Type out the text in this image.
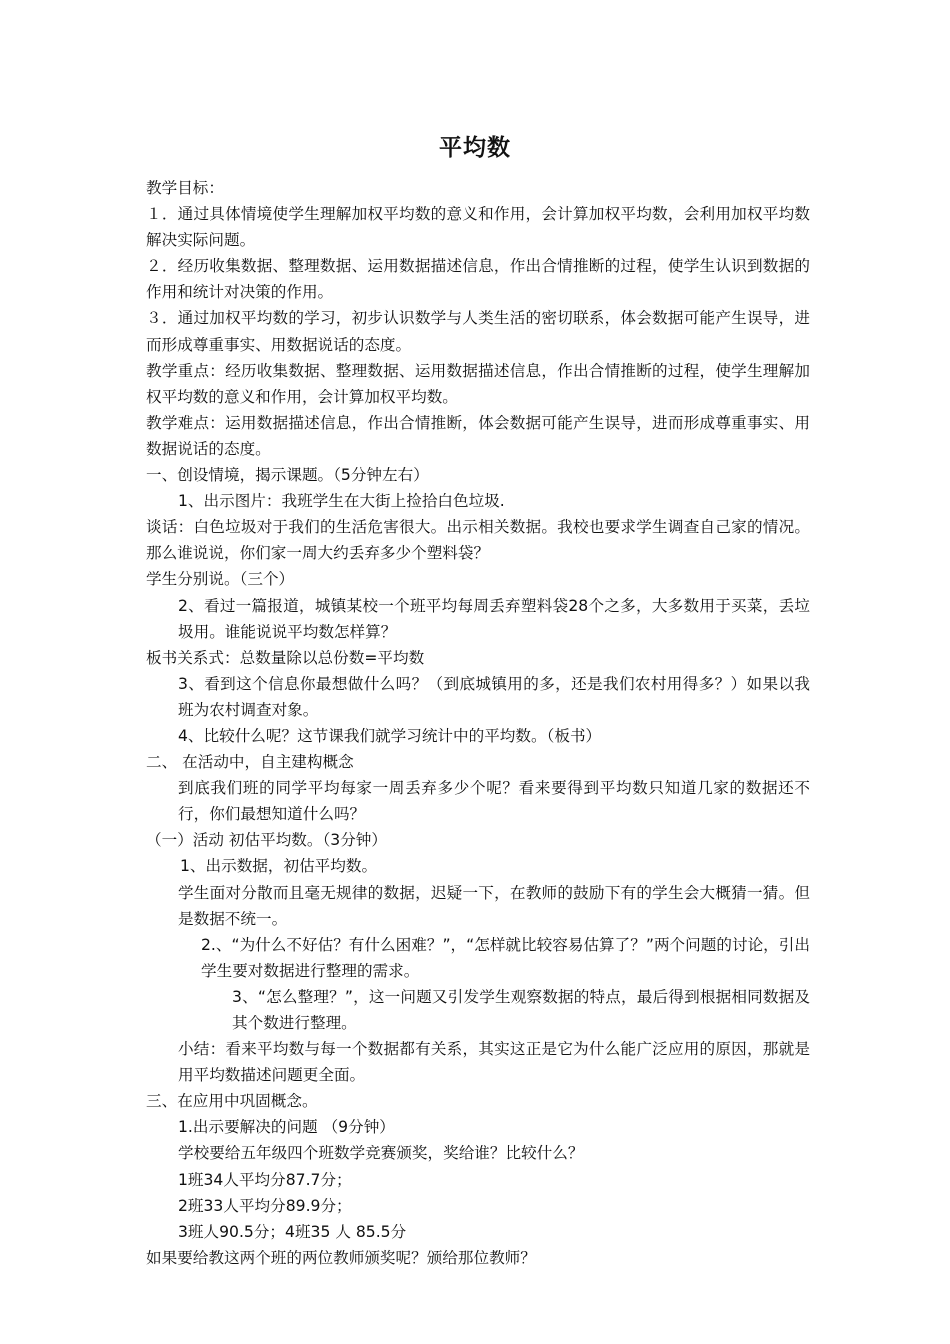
平均数

教学目标：

１．通过具体情境使学生理解加权平均数的意义和作用，会计算加权平均数，会利用加权平均数解决实际问题。

２．经历收集数据、整理数据、运用数据描述信息，作出合情推断的过程，使学生认识到数据的作用和统计对决策的作用。

３．通过加权平均数的学习，初步认识数学与人类生活的密切联系，体会数据可能产生误导，进而形成尊重事实、用数据说话的态度。

教学重点：经历收集数据、整理数据、运用数据描述信息，作出合情推断的过程，使学生理解加权平均数的意义和作用，会计算加权平均数。

教学难点：运用数据描述信息，作出合情推断，体会数据可能产生误导，进而形成尊重事实、用数据说话的态度。

一、创设情境，揭示课题。（5分钟左右）

1、出示图片：我班学生在大街上捡拾白色垃圾.

谈话：白色垃圾对于我们的生活危害很大。出示相关数据。我校也要求学生调查自己家的情况。那么谁说说，你们家一周大约丢弃多少个塑料袋？

学生分别说。（三个）

2、看过一篇报道，城镇某校一个班平均每周丢弃塑料袋28个之多，大多数用于买菜，丢垃圾用。谁能说说平均数怎样算？

板书关系式：总数量除以总份数=平均数

3、看到这个信息你最想做什么吗？（到底城镇用的多，还是我们农村用得多？）如果以我班为农村调查对象。

4、比较什么呢？这节课我们就学习统计中的平均数。（板书）

二、 在活动中，自主建构概念

到底我们班的同学平均每家一周丢弃多少个呢？看来要得到平均数只知道几家的数据还不行，你们最想知道什么吗？

（一）活动 初估平均数。（3分钟）

1、出示数据，初估平均数。

学生面对分散而且毫无规律的数据，迟疑一下，在教师的鼓励下有的学生会大概猜一猜。但是数据不统一。

2.、“为什么不好估？有什么困难？”，“怎样就比较容易估算了？”两个问题的讨论，引出学生要对数据进行整理的需求。

3、“怎么整理？”，这一问题又引发学生观察数据的特点，最后得到根据相同数据及其个数进行整理。

小结：看来平均数与每一个数据都有关系，其实这正是它为什么能广泛应用的原因，那就是用平均数描述问题更全面。

三、在应用中巩固概念。

1.出示要解决的问题 （9分钟）

学校要给五年级四个班数学竞赛颁奖，奖给谁？比较什么？

1班34人平均分87.7分；

2班33人平均分89.9分；

3班人90.5分；4班35 人 85.5分

如果要给教这两个班的两位教师颁奖呢？颁给那位教师？
